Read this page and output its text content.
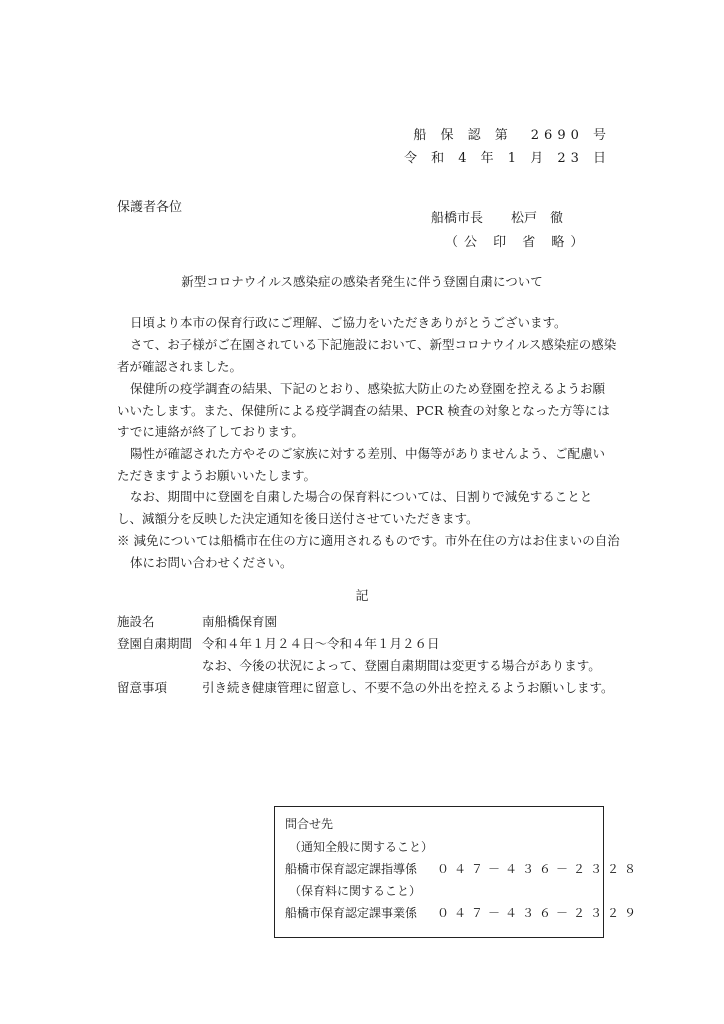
船 保 認 第　2690 号
令 和 4 年 1 月 23 日
保護者各位
船橋市長 松戸　徹
（公 印 省 略）
新型コロナウイルス感染症の感染者発生に伴う登園自粛について
日頃より本市の保育行政にご理解、ご協力をいただきありがとうございます。
さて、お子様がご在園されている下記施設において、新型コロナウイルス感染症の感染者が確認されました。
保健所の疫学調査の結果、下記のとおり、感染拡大防止のため登園を控えるようお願いいたします。また、保健所による疫学調査の結果、PCR 検査の対象となった方等にはすでに連絡が終了しております。
陽性が確認された方やそのご家族に対する差別、中傷等がありませんよう、ご配慮いただきますようお願いいたします。
なお、期間中に登園を自粛した場合の保育料については、日割りで減免することとし、減額分を反映した決定通知を後日送付させていただきます。
※ 減免については船橋市在住の方に適用されるものです。市外在住の方はお住まいの自治体にお問い合わせください。
記
施設名	南船橋保育園
登園自粛期間 令和４年１月２４日～令和４年１月２６日
なお、今後の状況によって、登園自粛期間は変更する場合があります。
留意事項	引き続き健康管理に留意し、不要不急の外出を控えるようお願いします。
問合せ先
（通知全般に関すること）
船橋市保育認定課指導係 ０４７－４３６－２３２８
（保育料に関すること）
船橋市保育認定課事業係 ０４７－４３６－２３２９
